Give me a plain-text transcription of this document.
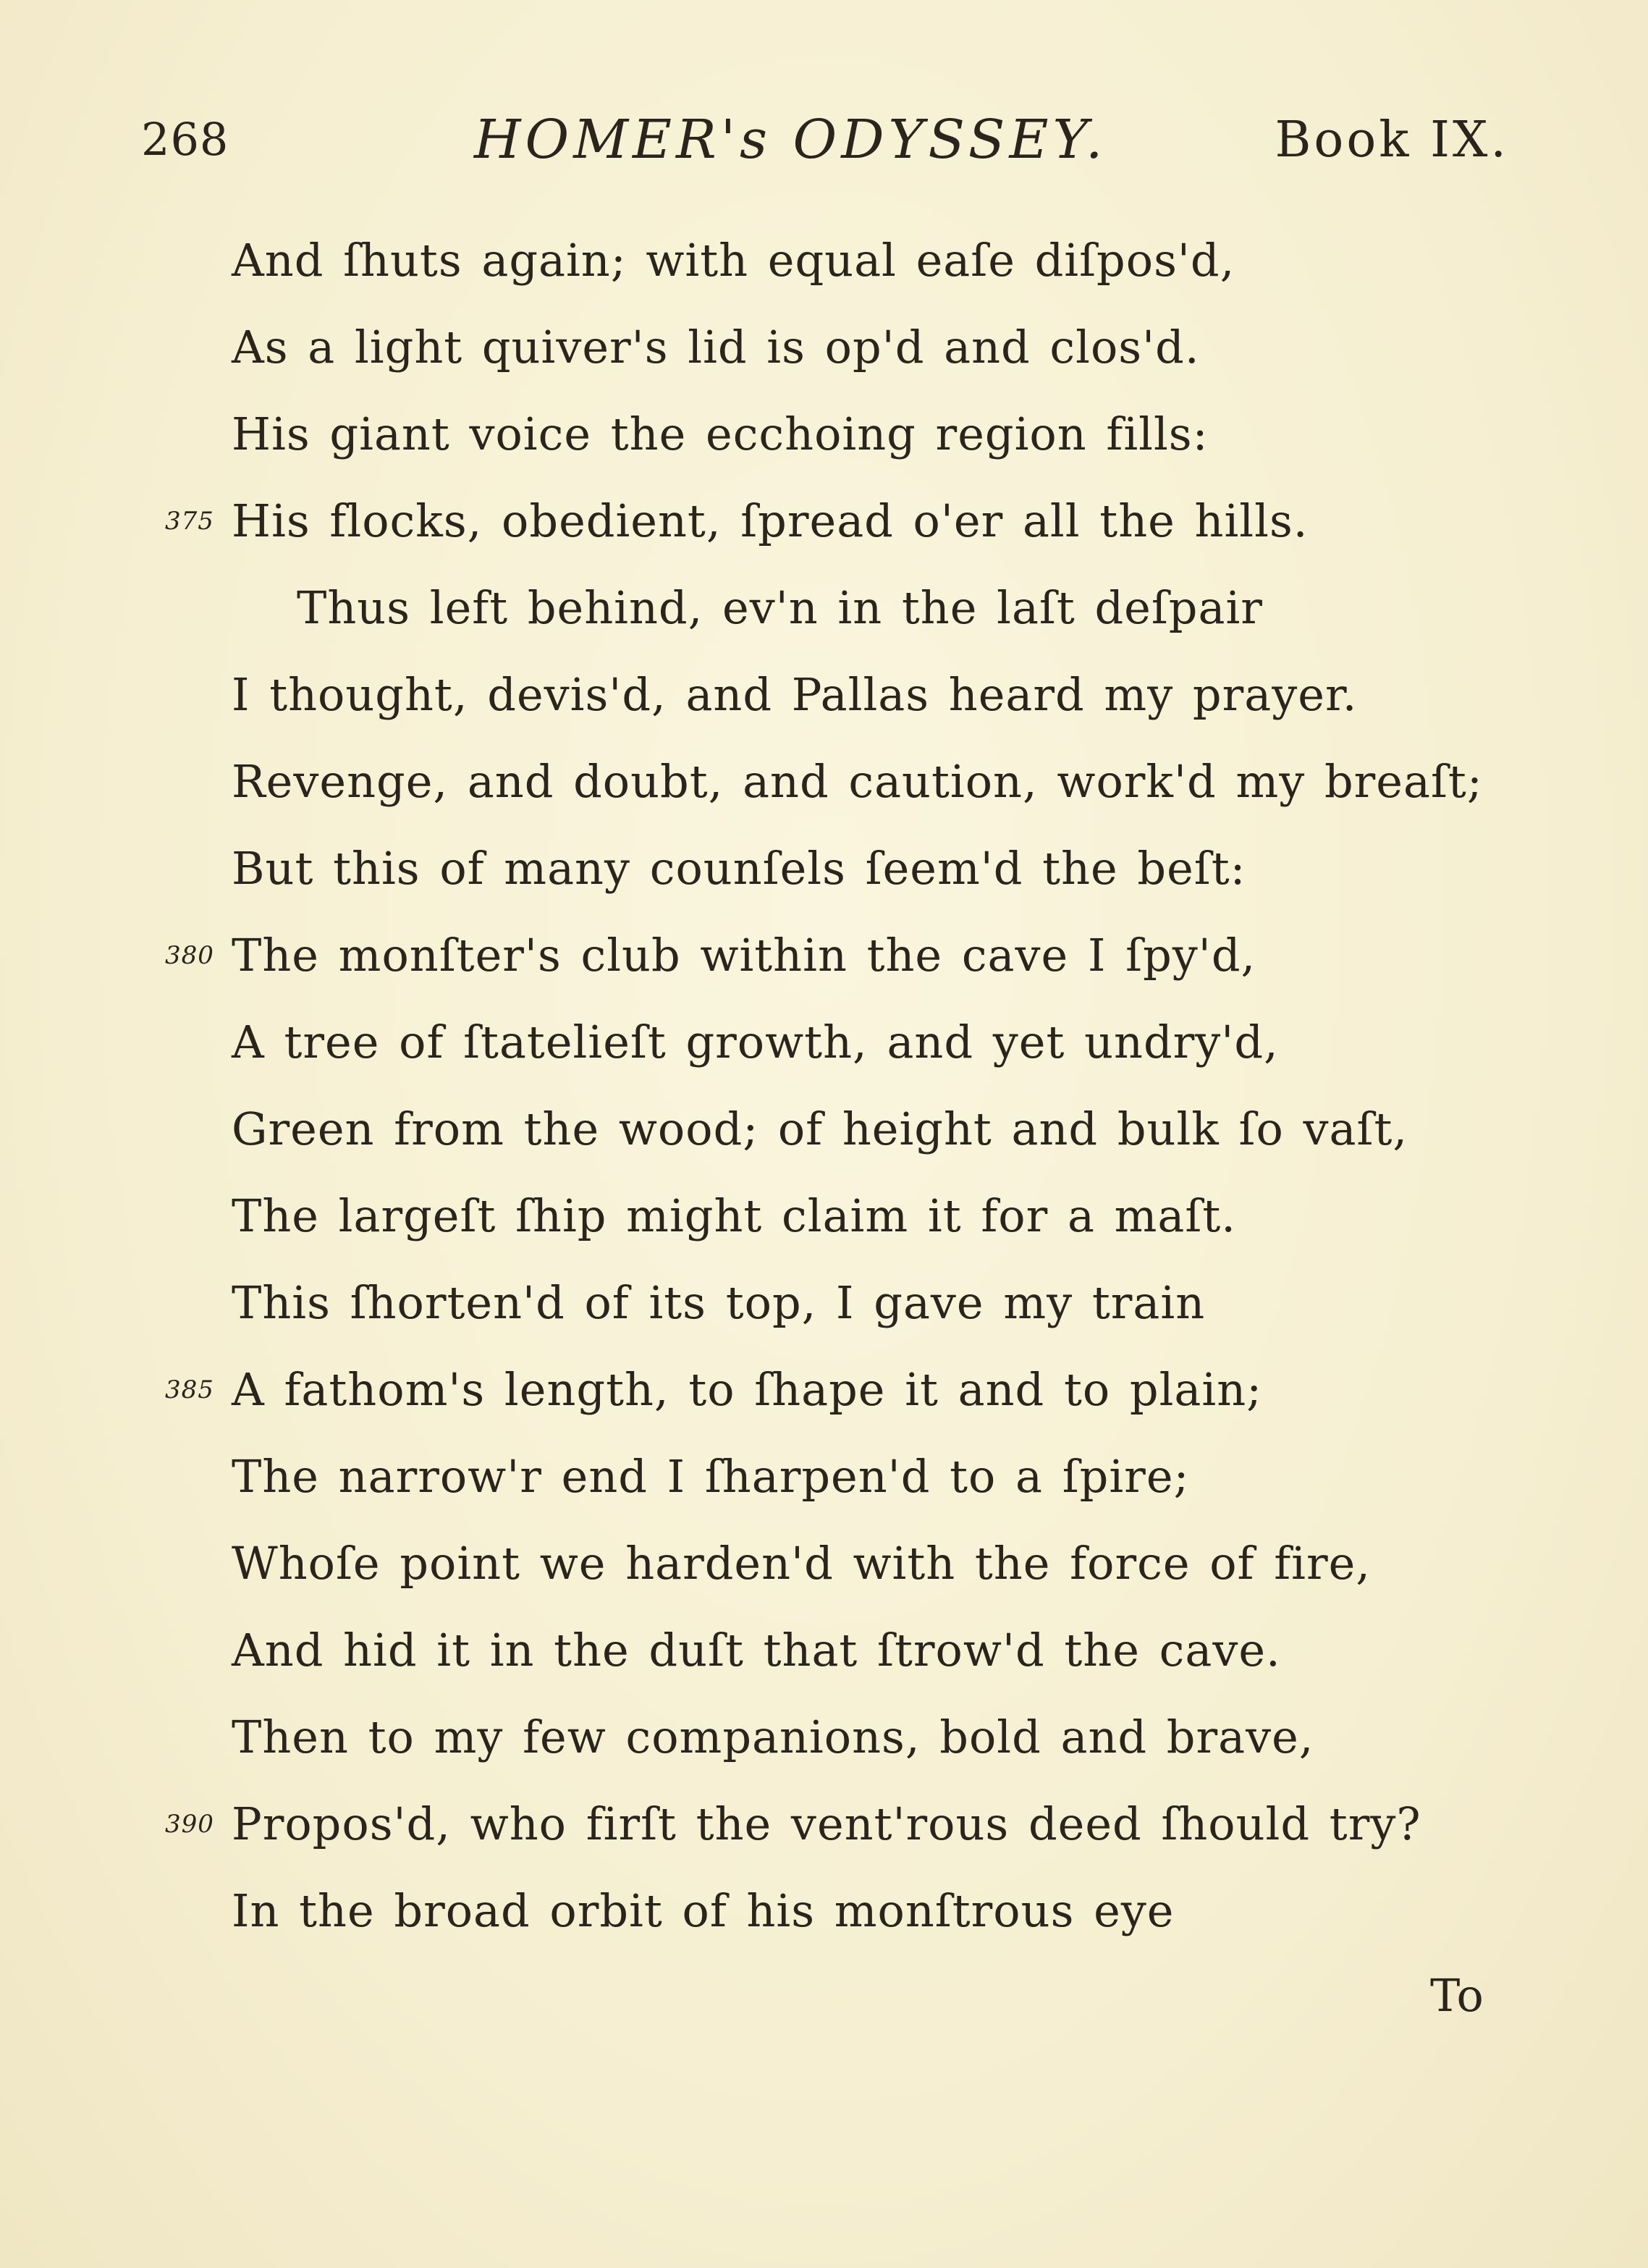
268	HOMER's ODYSSEY.	Book IX.
And ſhuts again; with equal eaſe diſpos'd,
As a light quiver's lid is op'd and clos'd.
His giant voice the ecchoing region fills:
375 His flocks, obedient, ſpread o'er all the hills.
Thus left behind, ev'n in the laſt deſpair
I thought, devis'd, and Pallas heard my prayer.
Revenge, and doubt, and caution, work'd my breaſt;
But this of many counſels ſeem'd the beſt:
380 The monſter's club within the cave I ſpy'd,
A tree of ſtatelieſt growth, and yet undry'd,
Green from the wood; of height and bulk ſo vaſt,
The largeſt ſhip might claim it for a maſt.
This ſhorten'd of its top, I gave my train
385 A fathom's length, to ſhape it and to plain;
The narrow'r end I ſharpen'd to a ſpire;
Whoſe point we harden'd with the force of fire,
And hid it in the duſt that ſtrow'd the cave.
Then to my few companions, bold and brave,
390 Propos'd, who firſt the vent'rous deed ſhould try?
In the broad orbit of his monſtrous eye
To
